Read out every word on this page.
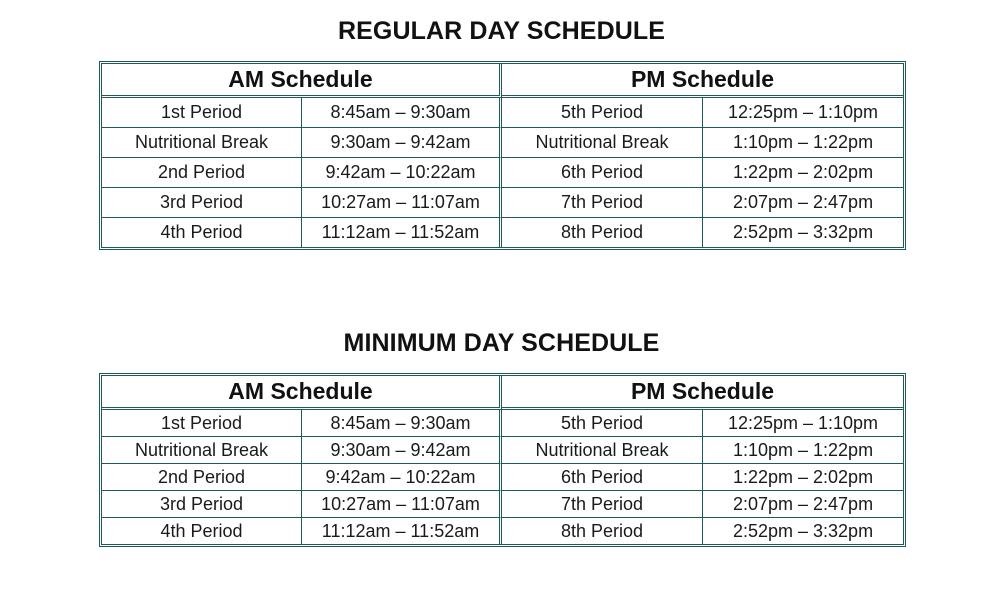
REGULAR DAY SCHEDULE
AM Schedule		PM Schedule	
1st Period	8:45am – 9:30am	5th Period	12:25pm – 1:10pm
Nutritional Break	9:30am – 9:42am	Nutritional Break	1:10pm – 1:22pm
2nd Period	9:42am – 10:22am	6th Period	1:22pm – 2:02pm
3rd Period	10:27am – 11:07am	7th Period	2:07pm – 2:47pm
4th Period	11:12am – 11:52am	8th Period	2:52pm – 3:32pm
MINIMUM DAY SCHEDULE
AM Schedule		PM Schedule	
1st Period	8:45am – 9:30am	5th Period	12:25pm – 1:10pm
Nutritional Break	9:30am – 9:42am	Nutritional Break	1:10pm – 1:22pm
2nd Period	9:42am – 10:22am	6th Period	1:22pm – 2:02pm
3rd Period	10:27am – 11:07am	7th Period	2:07pm – 2:47pm
4th Period	11:12am – 11:52am	8th Period	2:52pm – 3:32pm
